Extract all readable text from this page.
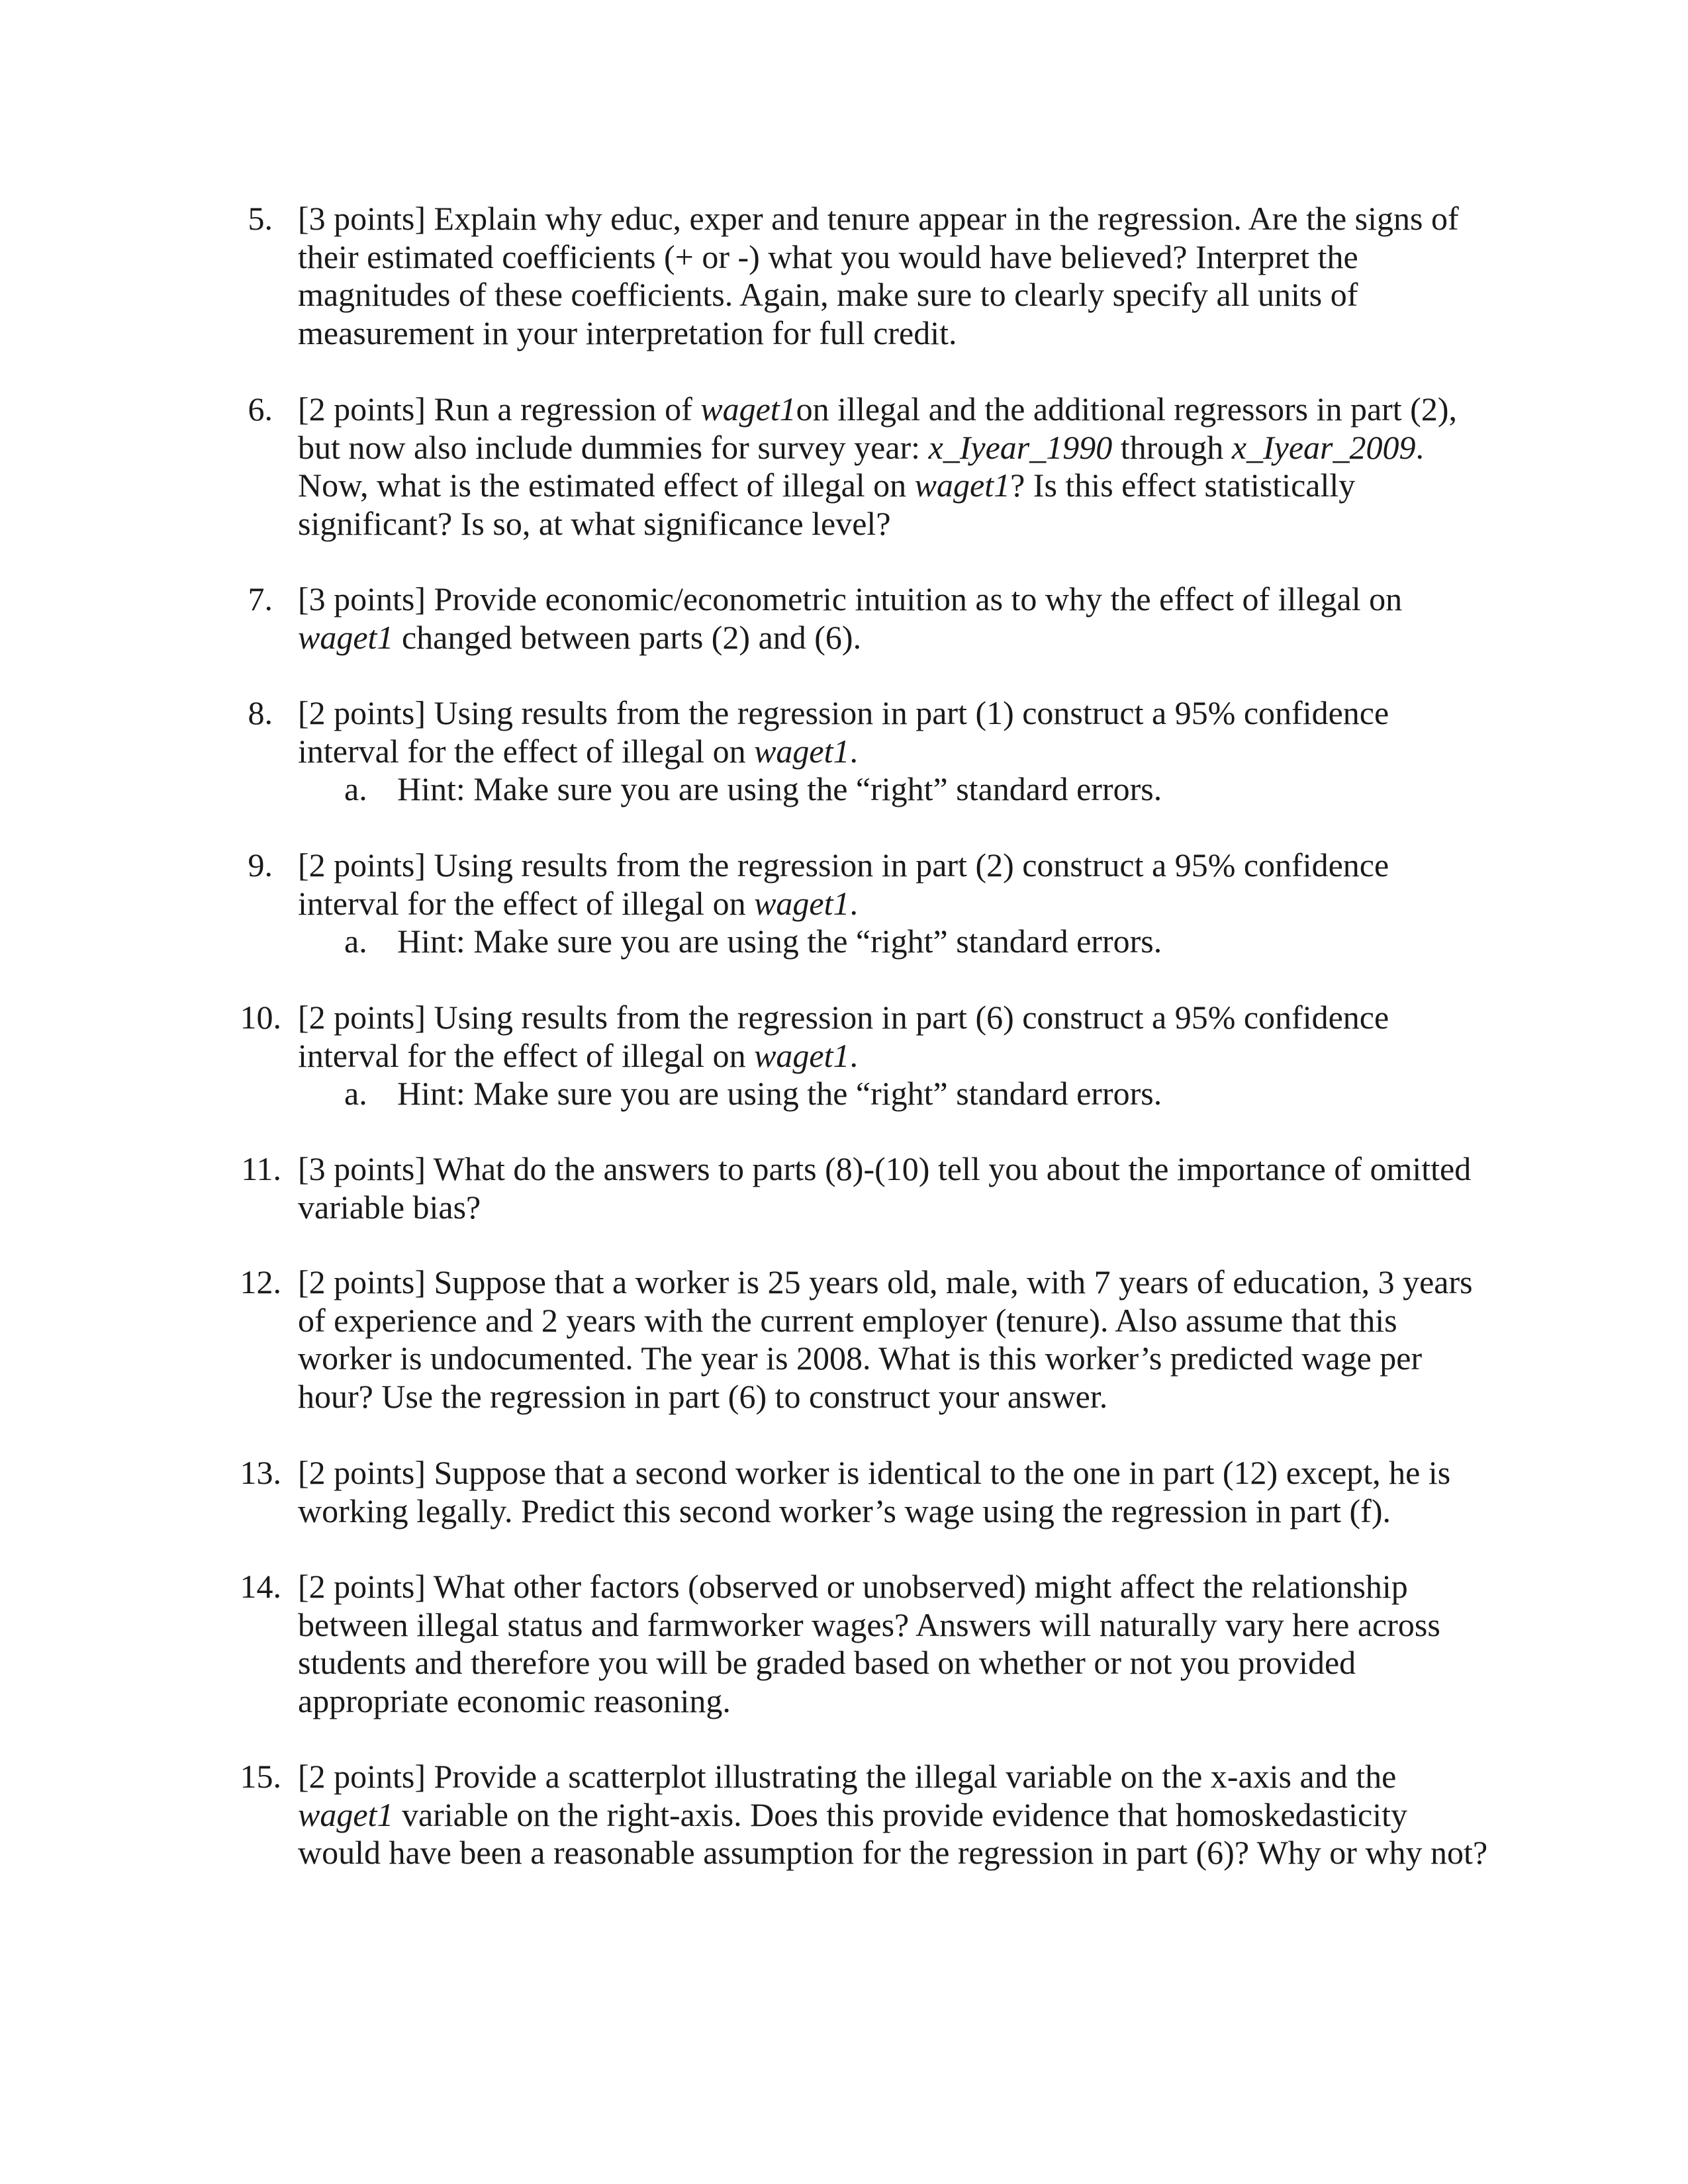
5. [3 points] Explain why educ, exper and tenure appear in the regression. Are the signs of
their estimated coefficients (+ or -) what you would have believed? Interpret the
magnitudes of these coefficients. Again, make sure to clearly specify all units of
measurement in your interpretation for full credit.
6. [2 points] Run a regression of waget1on illegal and the additional regressors in part (2),
but now also include dummies for survey year: x_Iyear_1990 through x_Iyear_2009.
Now, what is the estimated effect of illegal on waget1? Is this effect statistically
significant? Is so, at what significance level?
7. [3 points] Provide economic/econometric intuition as to why the effect of illegal on
waget1 changed between parts (2) and (6).
8. [2 points] Using results from the regression in part (1) construct a 95% confidence
interval for the effect of illegal on waget1.
a. Hint: Make sure you are using the “right” standard errors.
9. [2 points] Using results from the regression in part (2) construct a 95% confidence
interval for the effect of illegal on waget1.
a. Hint: Make sure you are using the “right” standard errors.
10. [2 points] Using results from the regression in part (6) construct a 95% confidence
interval for the effect of illegal on waget1.
a. Hint: Make sure you are using the “right” standard errors.
11. [3 points] What do the answers to parts (8)-(10) tell you about the importance of omitted
variable bias?
12. [2 points] Suppose that a worker is 25 years old, male, with 7 years of education, 3 years
of experience and 2 years with the current employer (tenure). Also assume that this
worker is undocumented. The year is 2008. What is this worker’s predicted wage per
hour? Use the regression in part (6) to construct your answer.
13. [2 points] Suppose that a second worker is identical to the one in part (12) except, he is
working legally. Predict this second worker’s wage using the regression in part (f).
14. [2 points] What other factors (observed or unobserved) might affect the relationship
between illegal status and farmworker wages? Answers will naturally vary here across
students and therefore you will be graded based on whether or not you provided
appropriate economic reasoning.
15. [2 points] Provide a scatterplot illustrating the illegal variable on the x-axis and the
waget1 variable on the right-axis. Does this provide evidence that homoskedasticity
would have been a reasonable assumption for the regression in part (6)? Why or why not?
